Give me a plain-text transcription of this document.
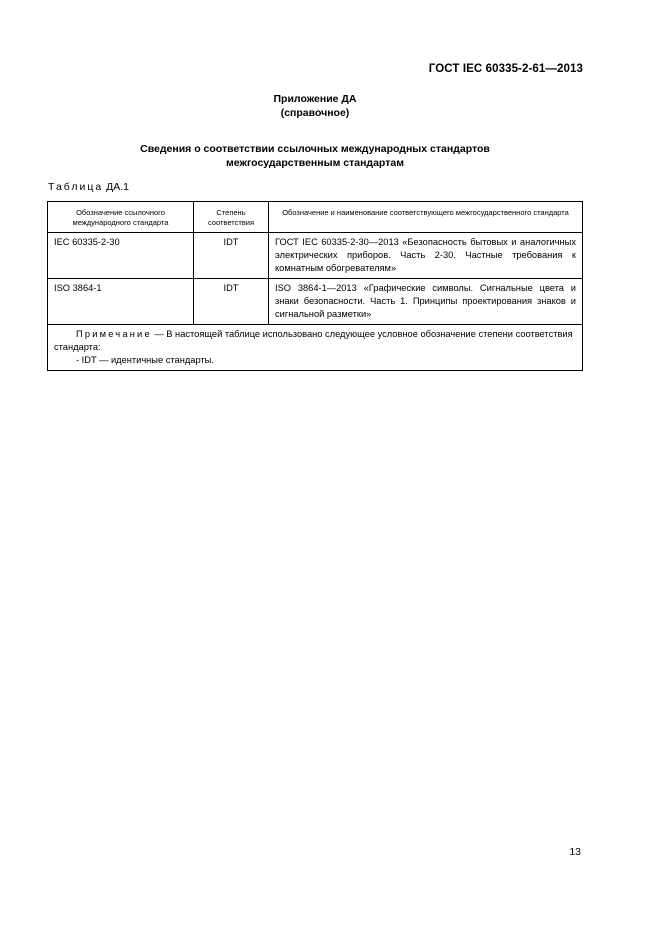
ГОСТ IEC 60335-2-61—2013
Приложение ДА
(справочное)
Сведения о соответствии ссылочных международных стандартов
межгосударственным стандартам
Таблица ДА.1
Обозначение ссылочного международного стандарта	Степень соответствия	Обозначение и наименование соответствующего межгосударственного стандарта
IEC 60335-2-30	IDT	ГОСТ IEC 60335-2-30—2013 «Безопасность бытовых и аналогичных электрических приборов. Часть 2-30. Частные требования к комнатным обогревателям»
ISO 3864-1	IDT	ISO 3864-1—2013 «Графические символы. Сигнальные цвета и знаки безопасности. Часть 1. Принципы проектирования знаков и сигнальной разметки»

Примечание — В настоящей таблице использовано следующее условное обозначение степени соответствия стандарта:
- IDT — идентичные стандарты.		
13
